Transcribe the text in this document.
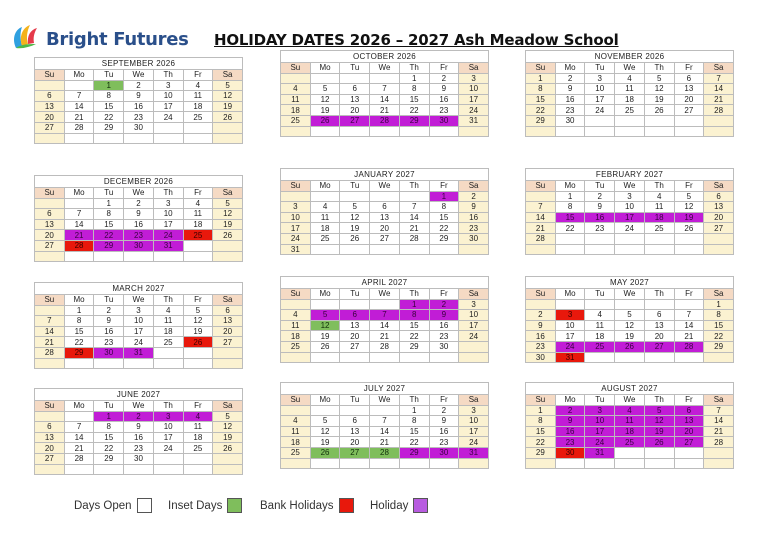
Bright Futures HOLIDAY DATES 2026 – 2027 Ash Meadow School
SEPTEMBER 2026
Su	Mo	Tu	We	Th	Fr	Sa
		1	2	3	4	5
6	7	8	9	10	11	12
13	14	15	16	17	18	19
20	21	22	23	24	25	26
27	28	29	30			

OCTOBER 2026
Su	Mo	Tu	We	Th	Fr	Sa
				1	2	3
4	5	6	7	8	9	10
11	12	13	14	15	16	17
18	19	20	21	22	23	24
25	26	27	28	29	30	31

NOVEMBER 2026
Su	Mo	Tu	We	Th	Fr	Sa
1	2	3	4	5	6	7
8	9	10	11	12	13	14
15	16	17	18	19	20	21
22	23	24	25	26	27	28
29	30					

DECEMBER 2026
Su	Mo	Tu	We	Th	Fr	Sa
		1	2	3	4	5
6	7	8	9	10	11	12
13	14	15	16	17	18	19
20	21	22	23	24	25	26
27	28	29	30	31		

JANUARY 2027
Su	Mo	Tu	We	Th	Fr	Sa
					1	2
3	4	5	6	7	8	9
10	11	12	13	14	15	16
17	18	19	20	21	22	23
24	25	26	27	28	29	30
31						
FEBRUARY 2027
Su	Mo	Tu	We	Th	Fr	Sa
	1	2	3	4	5	6
7	8	9	10	11	12	13
14	15	16	17	18	19	20
21	22	23	24	25	26	27
28						

MARCH 2027
Su	Mo	Tu	We	Th	Fr	Sa
	1	2	3	4	5	6
7	8	9	10	11	12	13
14	15	16	17	18	19	20
21	22	23	24	25	26	27
28	29	30	31			

APRIL 2027
Su	Mo	Tu	We	Th	Fr	Sa
				1	2	3
4	5	6	7	8	9	10
11	12	13	14	15	16	17
18	19	20	21	22	23	24
25	26	27	28	29	30	

MAY 2027
Su	Mo	Tu	We	Th	Fr	Sa
						1
2	3	4	5	6	7	8
9	10	11	12	13	14	15
16	17	18	19	20	21	22
23	24	25	26	27	28	29
30	31					
JUNE 2027
Su	Mo	Tu	We	Th	Fr	Sa
		1	2	3	4	5
6	7	8	9	10	11	12
13	14	15	16	17	18	19
20	21	22	23	24	25	26
27	28	29	30			

JULY 2027
Su	Mo	Tu	We	Th	Fr	Sa
				1	2	3
4	5	6	7	8	9	10
11	12	13	14	15	16	17
18	19	20	21	22	23	24
25	26	27	28	29	30	31

AUGUST 2027
Su	Mo	Tu	We	Th	Fr	Sa
1	2	3	4	5	6	7
8	9	10	11	12	13	14
15	16	17	18	19	20	21
22	23	24	25	26	27	28
29	30	31				

Days Open	Inset Days	Bank Holidays	Holiday
